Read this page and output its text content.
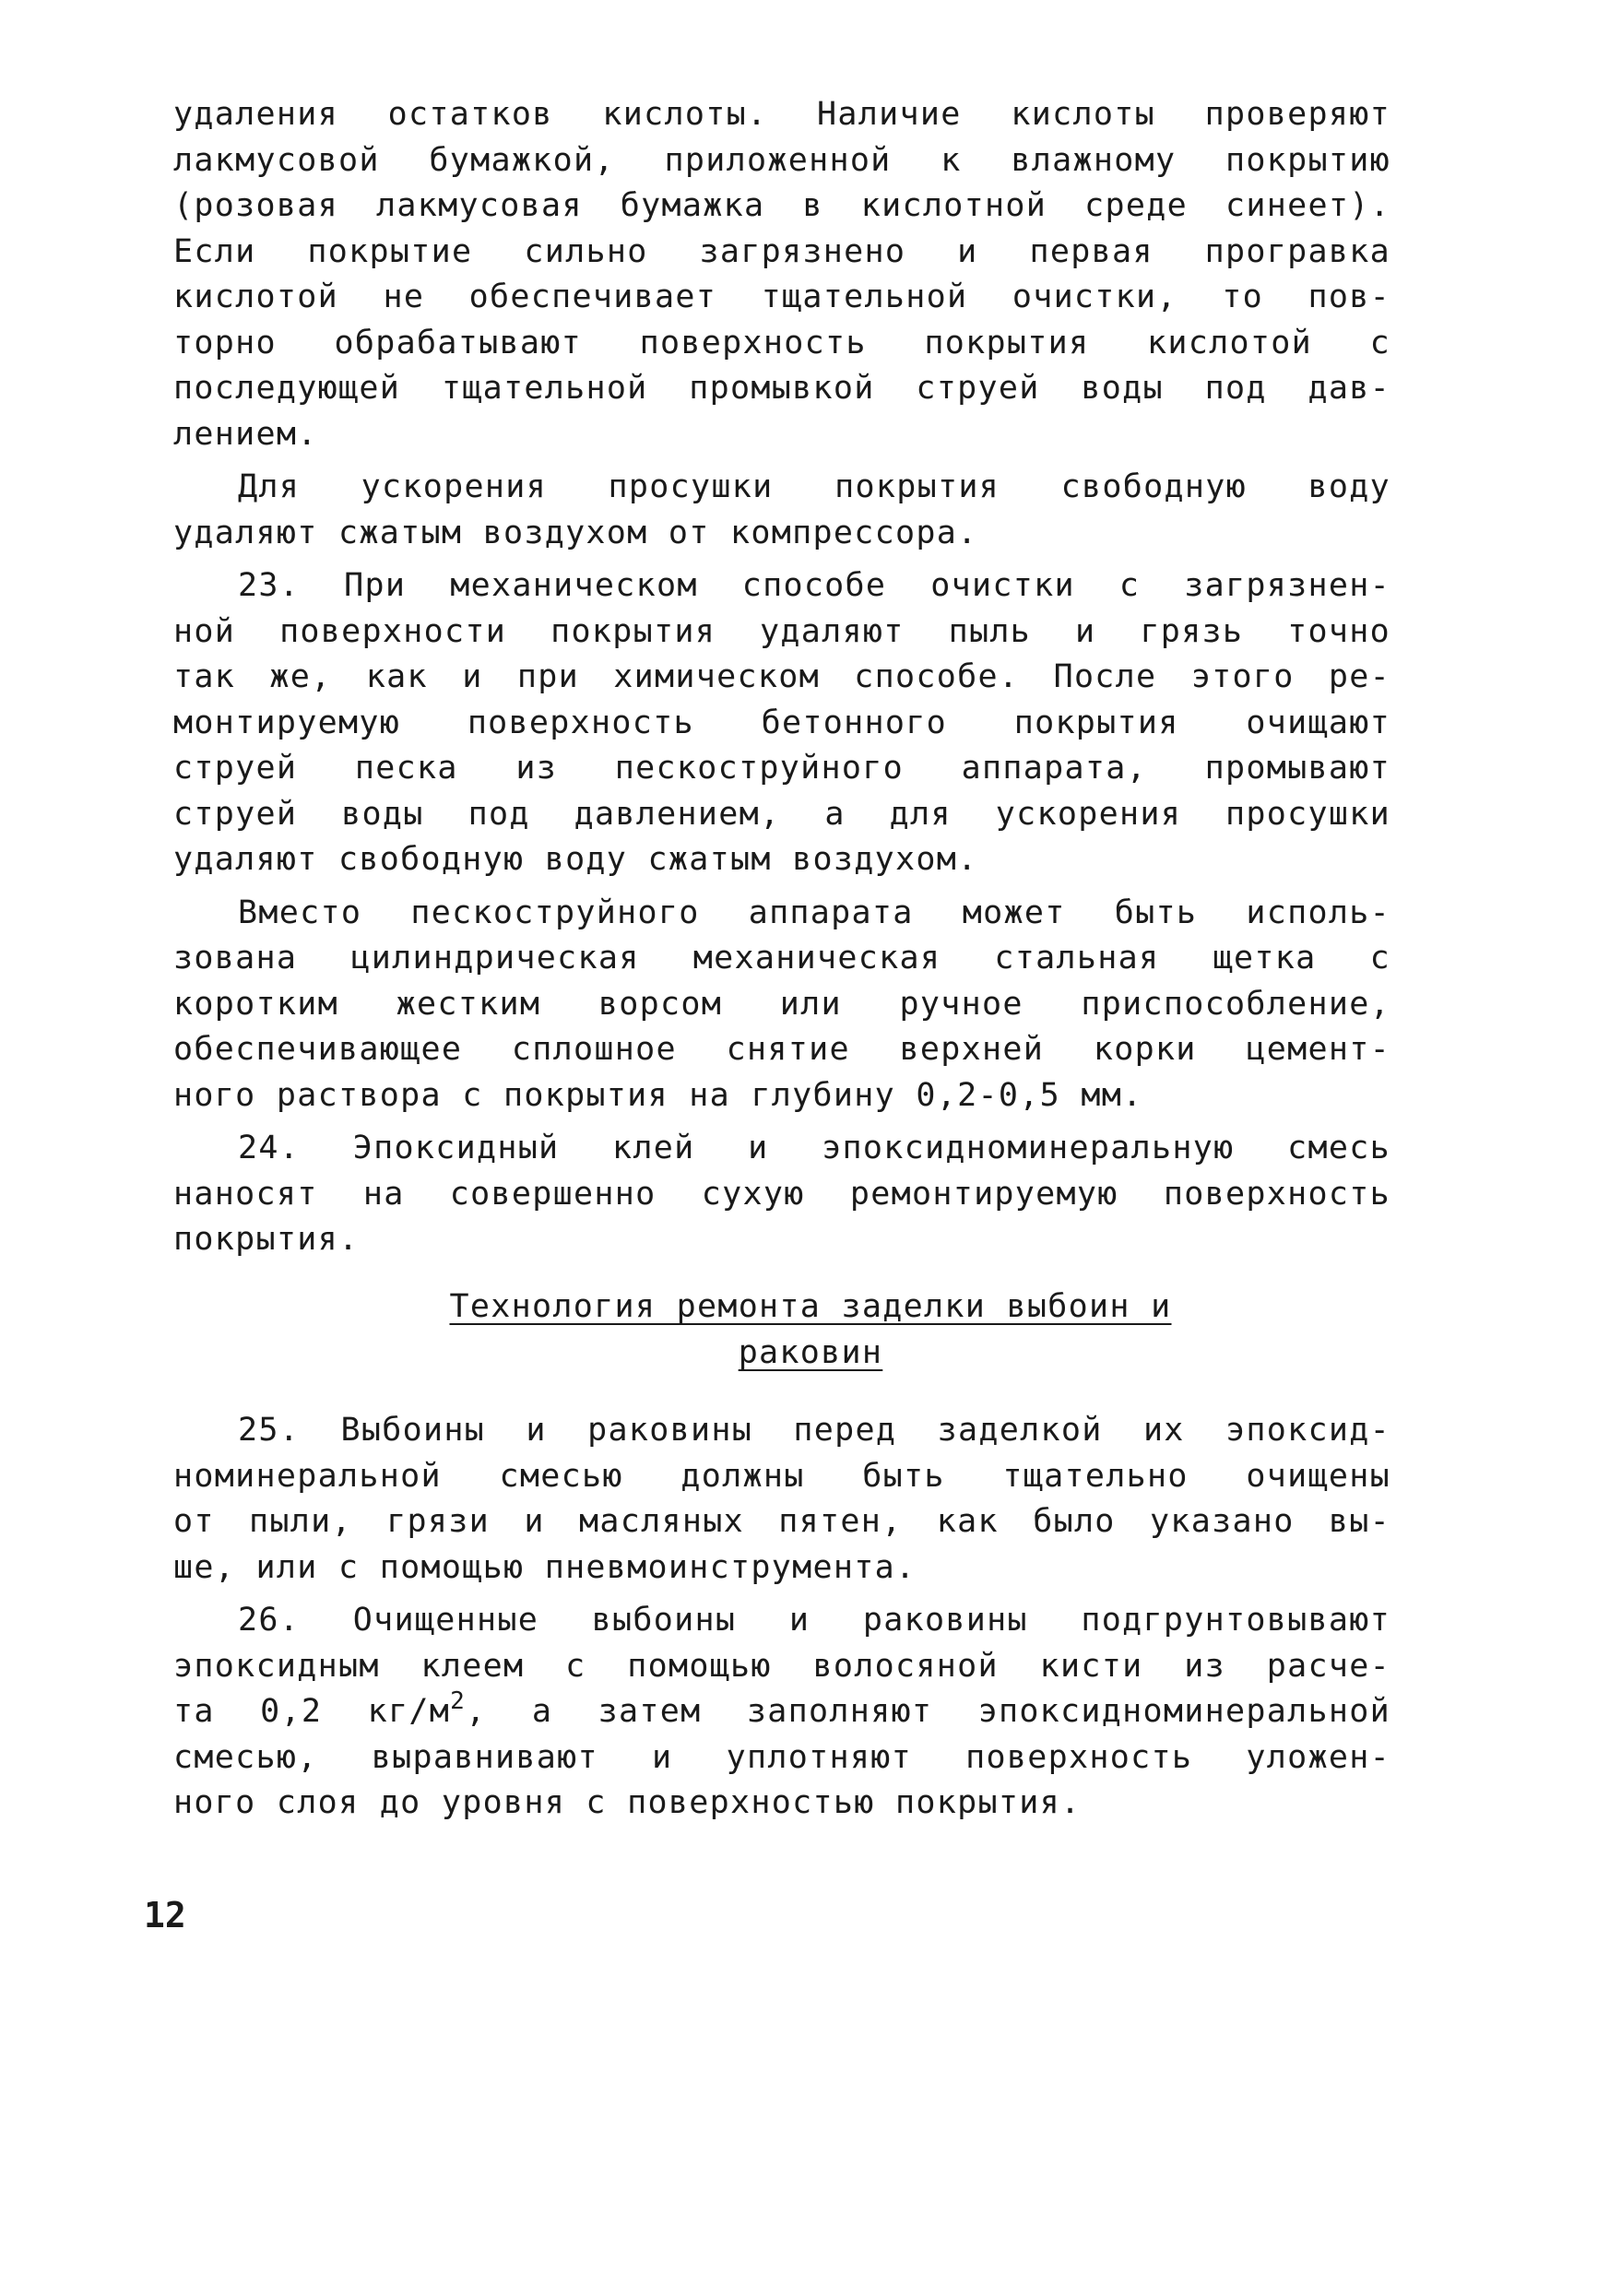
удаления остатков кислоты. Наличие кислоты проверяют
лакмусовой бумажкой, приложенной к влажному покрытию
(розовая лакмусовая бумажка в кислотной среде синеет).
Если покрытие сильно загрязнено и первая програвка
кислотой не обеспечивает тщательной очистки, то пов-
торно обрабатывают поверхность покрытия кислотой с
последующей тщательной промывкой струей воды под дав-
лением.
Для ускорения просушки покрытия свободную воду
удаляют сжатым воздухом от компрессора.
23. При механическом способе очистки с загрязнен-
ной поверхности покрытия удаляют пыль и грязь точно
так же, как и при химическом способе. После этого ре-
монтируемую поверхность бетонного покрытия очищают
струей песка из пескоструйного аппарата, промывают
струей воды под давлением, а для ускорения просушки
удаляют свободную воду сжатым воздухом.
Вместо пескоструйного аппарата может быть исполь-
зована цилиндрическая механическая стальная щетка с
коротким жестким ворсом или ручное приспособление,
обеспечивающее сплошное снятие верхней корки цемент-
ного раствора с покрытия на глубину 0,2-0,5 мм.
24. Эпоксидный клей и эпоксидноминеральную смесь
наносят на совершенно сухую ремонтируемую поверхность
покрытия.
Технология ремонта заделки выбоин и
раковин
25. Выбоины и раковины перед заделкой их эпоксид-
номинеральной смесью должны быть тщательно очищены
от пыли, грязи и масляных пятен, как было указано вы-
ше, или с помощью пневмоинструмента.
26. Очищенные выбоины и раковины подгрунтовывают
эпоксидным клеем с помощью волосяной кисти из расче-
та 0,2 $кг/м^2$, а затем заполняют эпоксидноминеральной
смесью, выравнивают и уплотняют поверхность уложен-
ного слоя до уровня с поверхностью покрытия.
12
